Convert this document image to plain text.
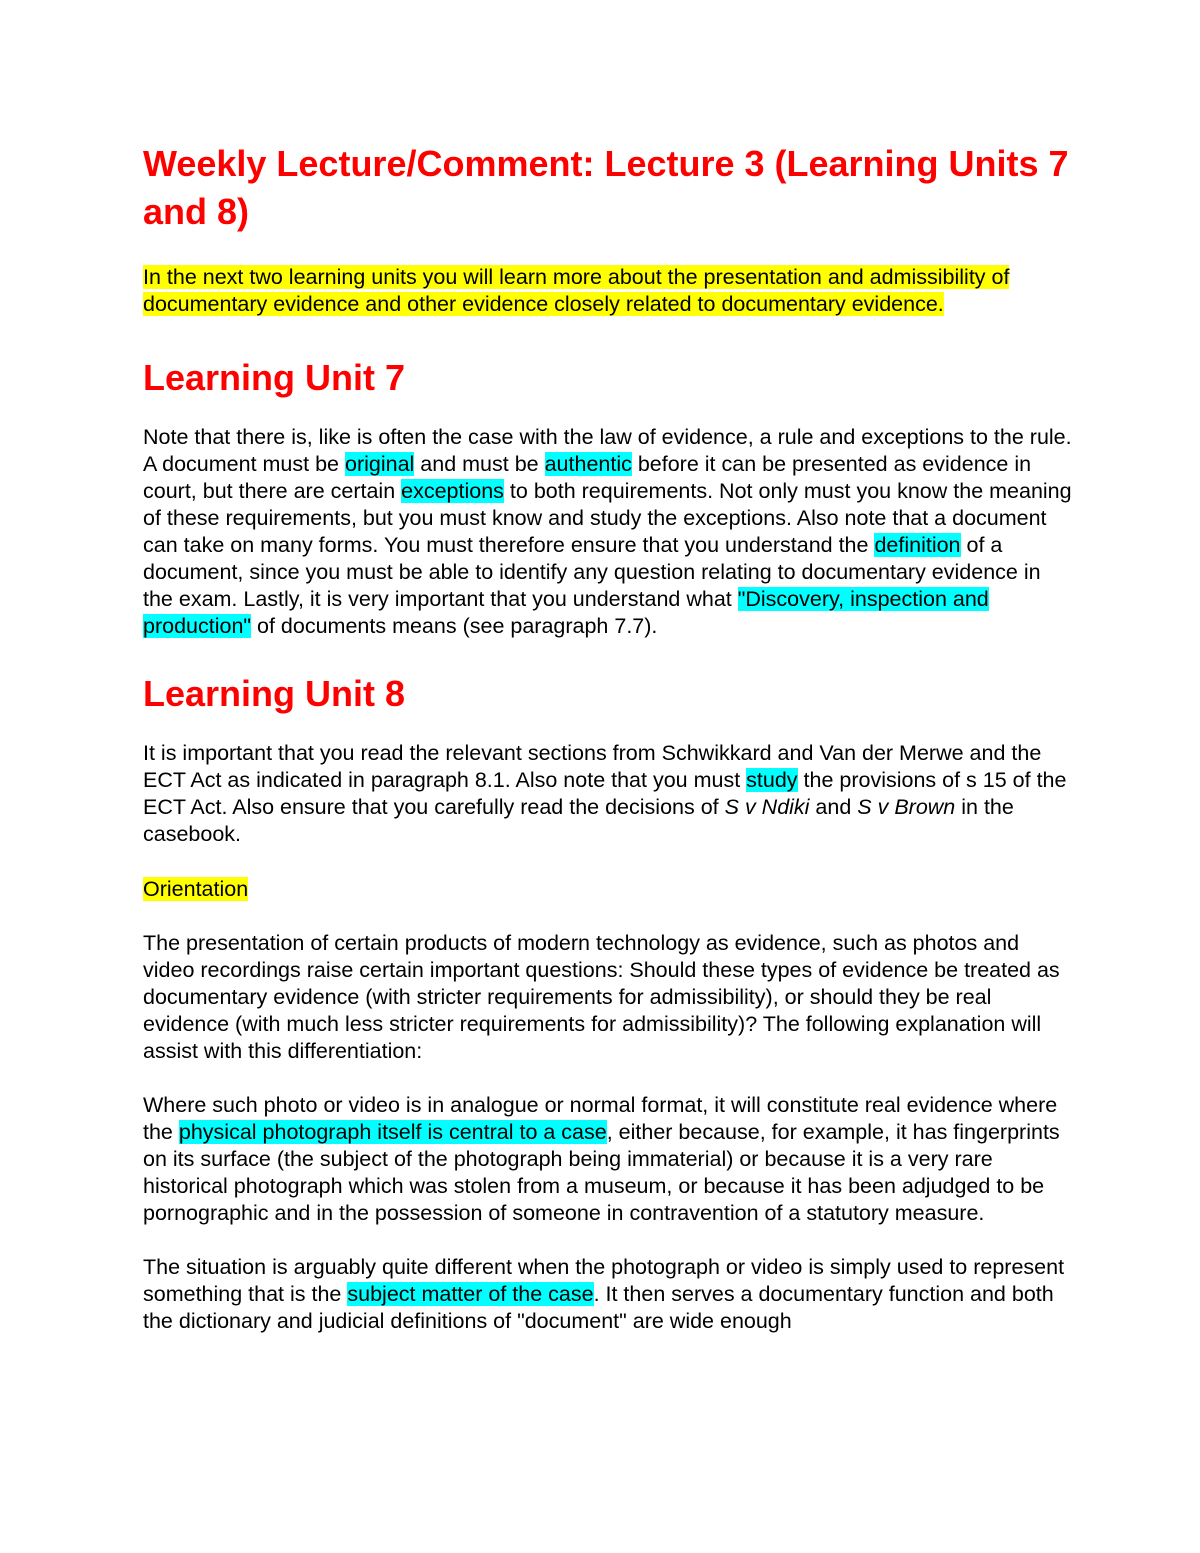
Weekly Lecture/Comment: Lecture 3 (Learning Units 7 and 8)

In the next two learning units you will learn more about the presentation and admissibility of documentary evidence and other evidence closely related to documentary evidence.

Learning Unit 7

Note that there is, like is often the case with the law of evidence, a rule and exceptions to the rule. A document must be original and must be authentic before it can be presented as evidence in court, but there are certain exceptions to both requirements. Not only must you know the meaning of these requirements, but you must know and study the exceptions. Also note that a document can take on many forms. You must therefore ensure that you understand the definition of a document, since you must be able to identify any question relating to documentary evidence in the exam. Lastly, it is very important that you understand what "Discovery, inspection and production" of documents means (see paragraph 7.7).

Learning Unit 8

It is important that you read the relevant sections from Schwikkard and Van der Merwe and the ECT Act as indicated in paragraph 8.1. Also note that you must study the provisions of s 15 of the ECT Act. Also ensure that you carefully read the decisions of S v Ndiki and S v Brown in the casebook.

Orientation

The presentation of certain products of modern technology as evidence, such as photos and video recordings raise certain important questions: Should these types of evidence be treated as documentary evidence (with stricter requirements for admissibility), or should they be real evidence (with much less stricter requirements for admissibility)? The following explanation will assist with this differentiation:

Where such photo or video is in analogue or normal format, it will constitute real evidence where the physical photograph itself is central to a case, either because, for example, it has fingerprints on its surface (the subject of the photograph being immaterial) or because it is a very rare historical photograph which was stolen from a museum, or because it has been adjudged to be pornographic and in the possession of someone in contravention of a statutory measure.

The situation is arguably quite different when the photograph or video is simply used to represent something that is the subject matter of the case. It then serves a documentary function and both the dictionary and judicial definitions of "document" are wide enough
